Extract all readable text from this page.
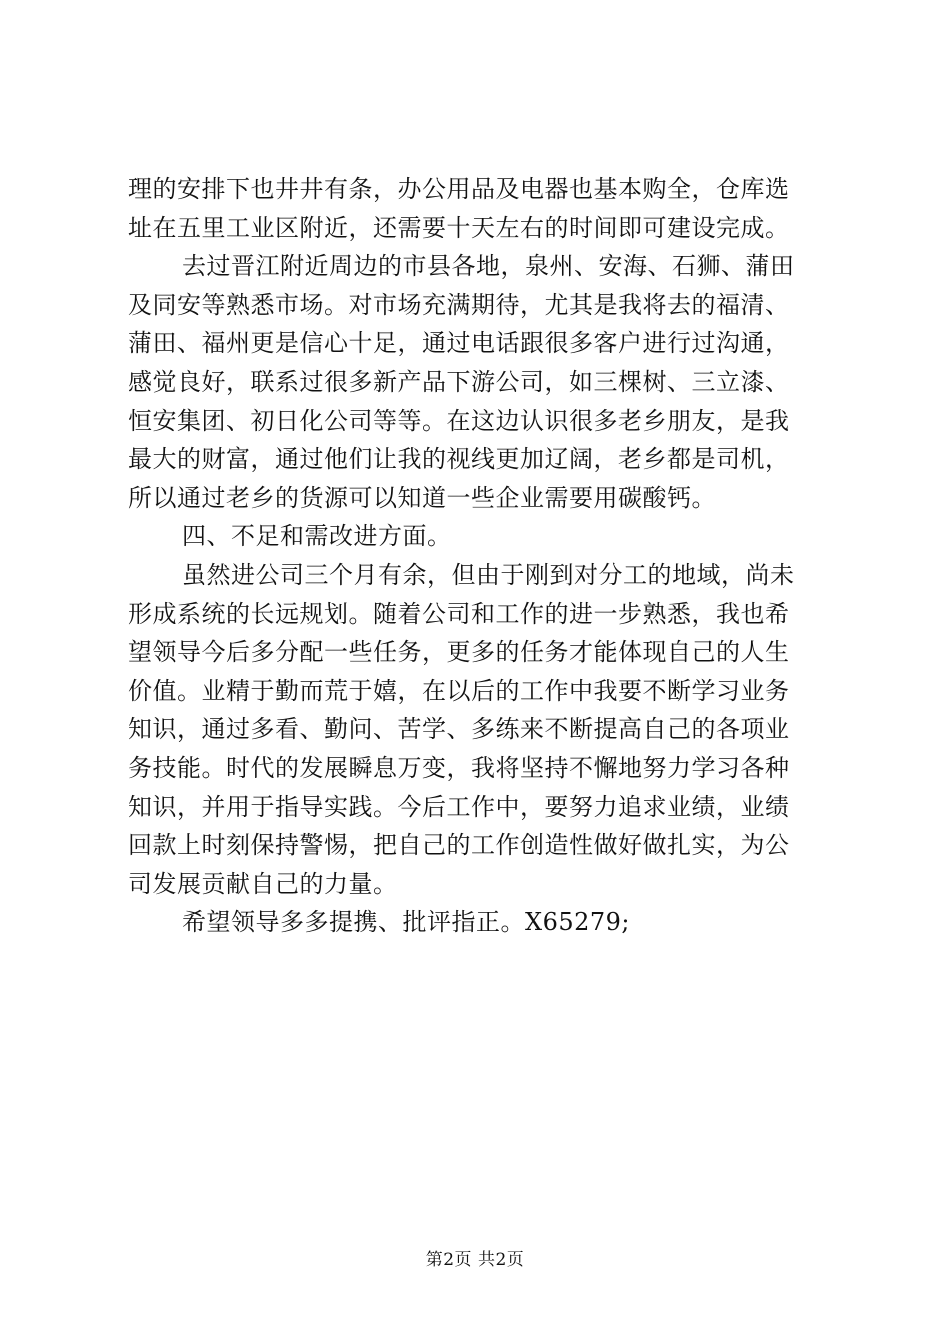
理的安排下也井井有条，办公用品及电器也基本购全，仓库选
址在五里工业区附近，还需要十天左右的时间即可建设完成。
去过晋江附近周边的市县各地，泉州、安海、石狮、蒲田
及同安等熟悉市场。对市场充满期待，尤其是我将去的福清、
蒲田、福州更是信心十足，通过电话跟很多客户进行过沟通，
感觉良好，联系过很多新产品下游公司，如三棵树、三立漆、
恒安集团、初日化公司等等。在这边认识很多老乡朋友，是我
最大的财富，通过他们让我的视线更加辽阔，老乡都是司机，
所以通过老乡的货源可以知道一些企业需要用碳酸钙。
四、不足和需改进方面。
虽然进公司三个月有余，但由于刚到对分工的地域，尚未
形成系统的长远规划。随着公司和工作的进一步熟悉，我也希
望领导今后多分配一些任务，更多的任务才能体现自己的人生
价值。业精于勤而荒于嬉，在以后的工作中我要不断学习业务
知识，通过多看、勤问、苦学、多练来不断提高自己的各项业
务技能。时代的发展瞬息万变，我将坚持不懈地努力学习各种
知识，并用于指导实践。今后工作中，要努力追求业绩，业绩
回款上时刻保持警惕，把自己的工作创造性做好做扎实，为公
司发展贡献自己的力量。
希望领导多多提携、批评指正。X65279;
第2页 共2页
